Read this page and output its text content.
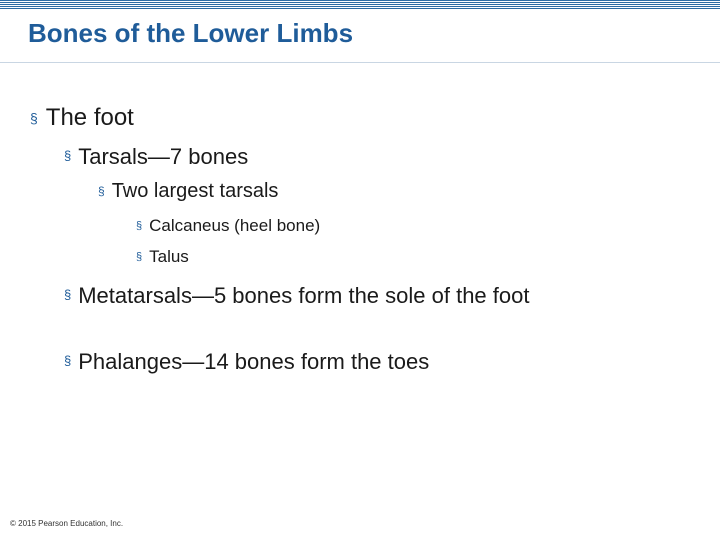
Bones of the Lower Limbs
§ The foot
§ Tarsals—7 bones
§ Two largest tarsals
§ Calcaneus (heel bone)
§ Talus
§ Metatarsals—5 bones form the sole of the foot
§ Phalanges—14 bones form the toes
© 2015 Pearson Education, Inc.
